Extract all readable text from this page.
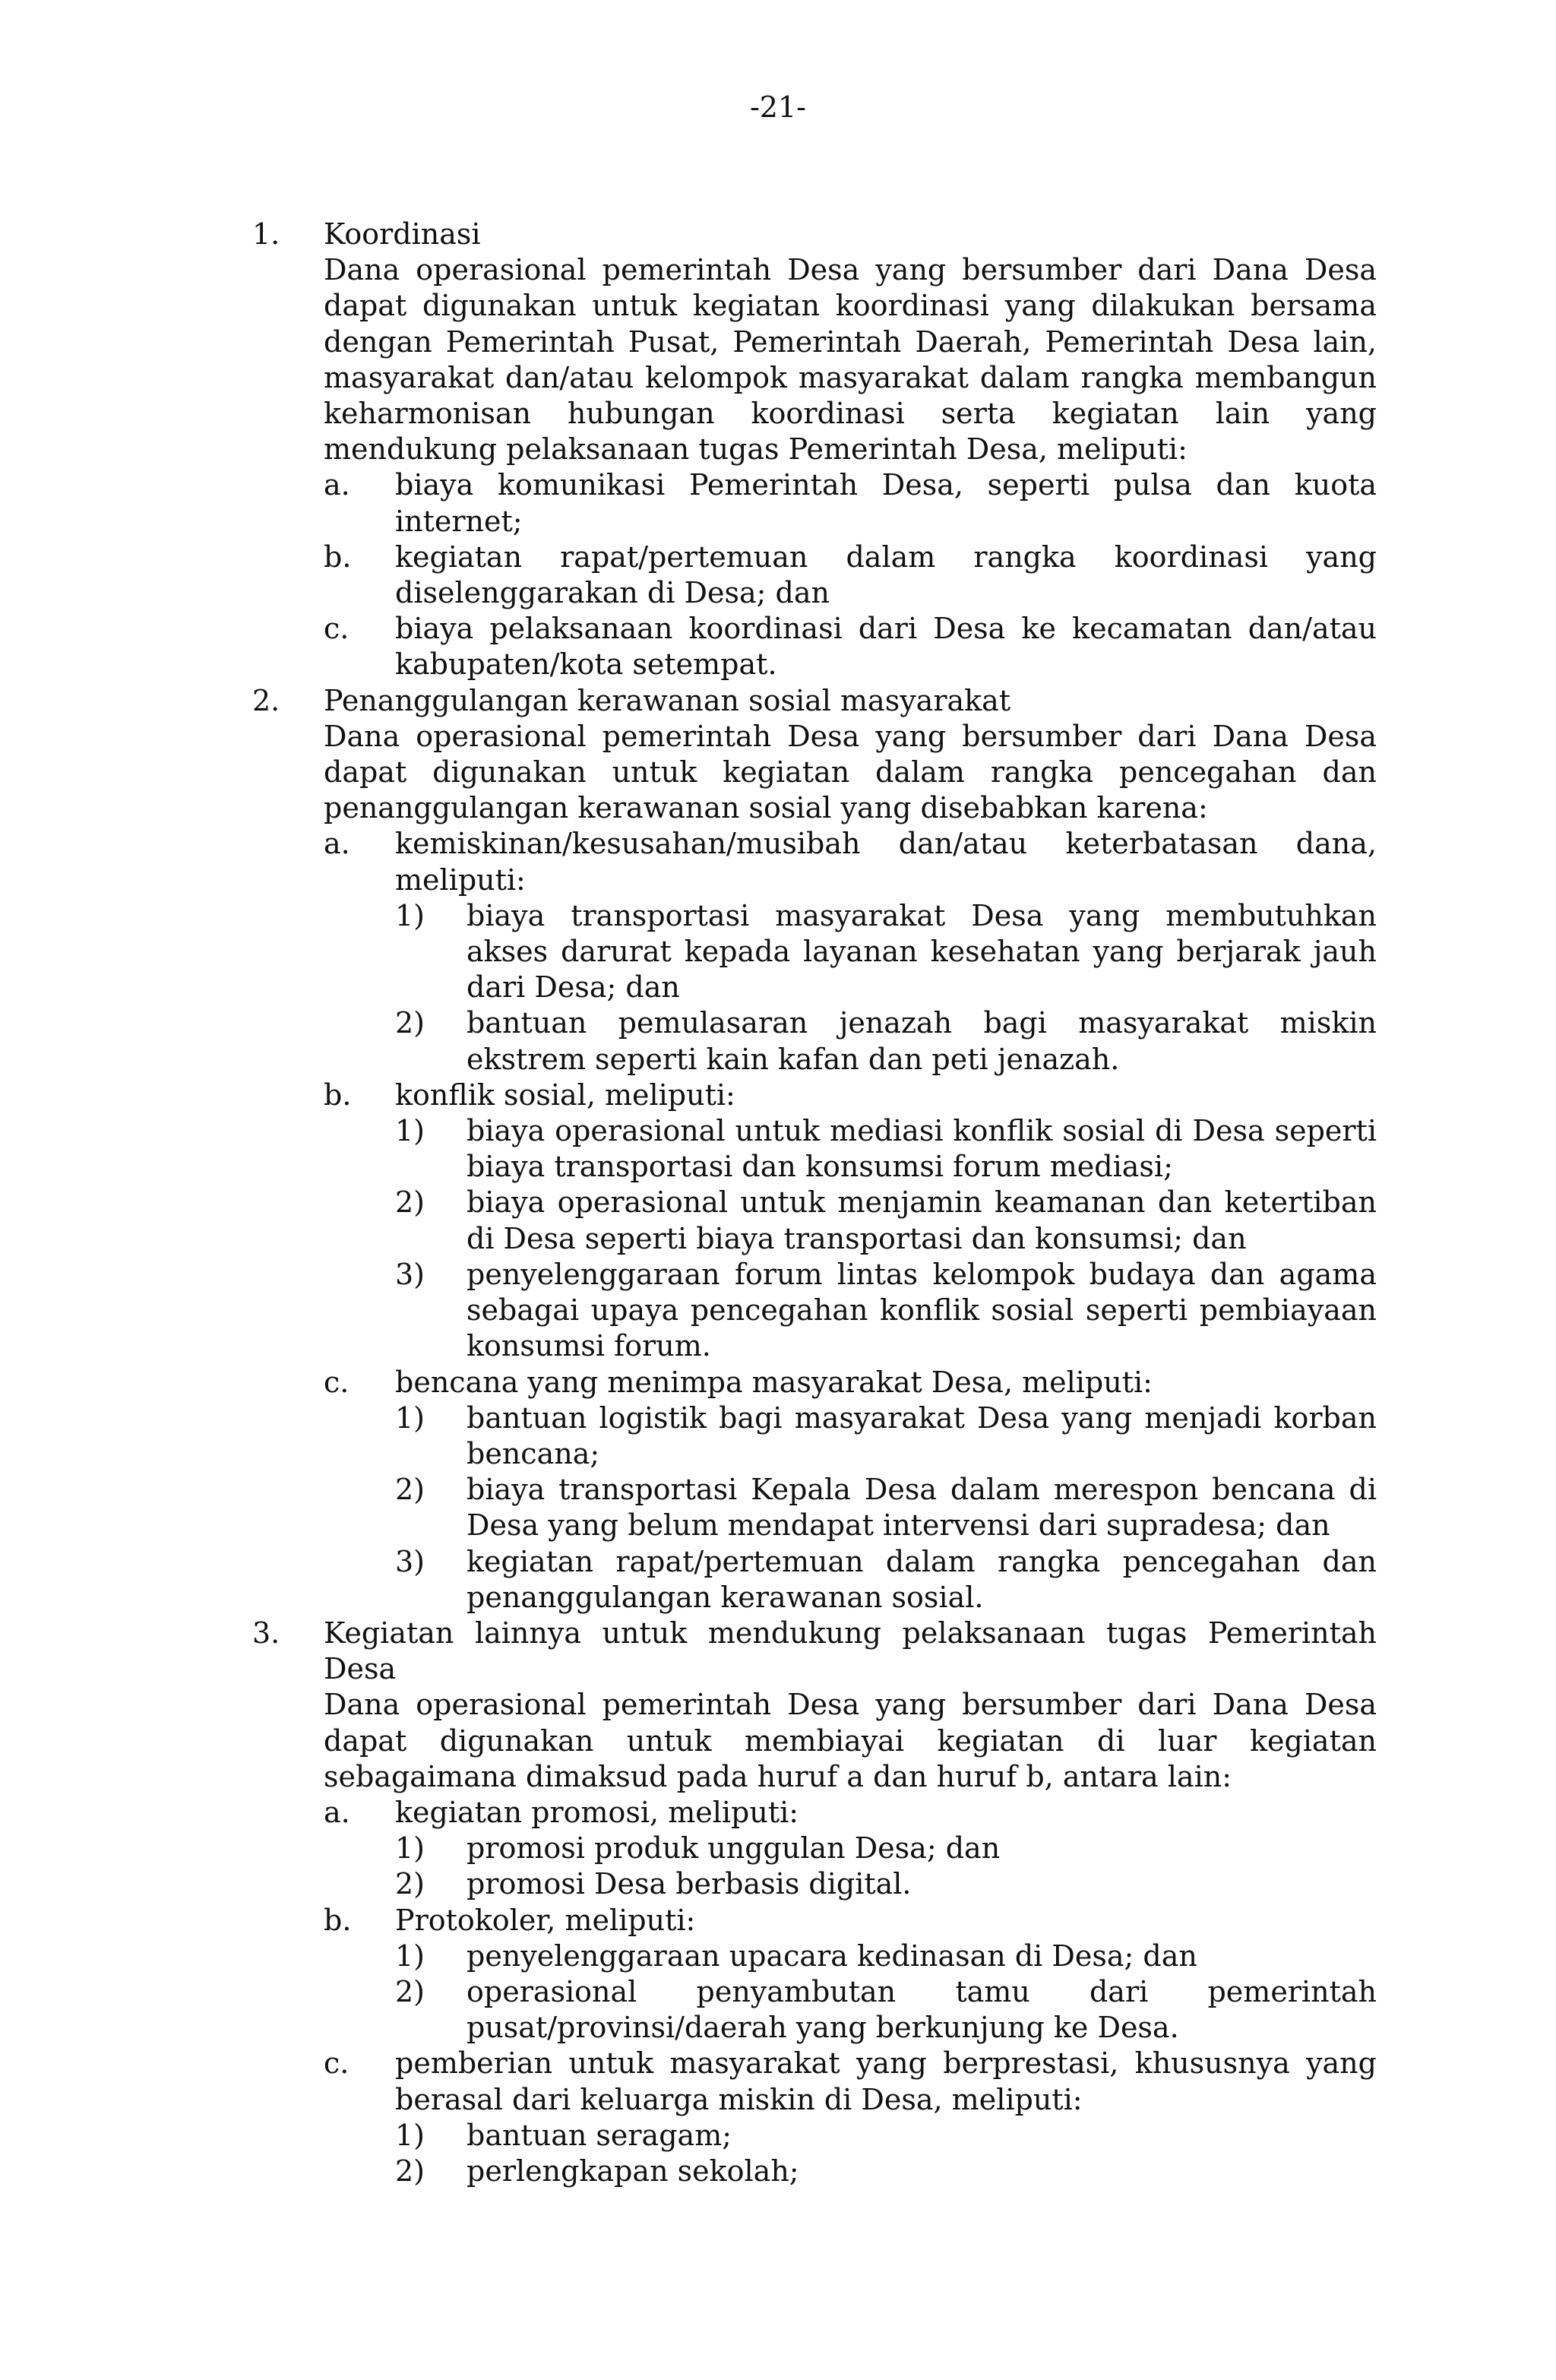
-21-
1.	Koordinasi
Dana operasional pemerintah Desa yang bersumber dari Dana Desa dapat digunakan untuk kegiatan koordinasi yang dilakukan bersama dengan Pemerintah Pusat, Pemerintah Daerah, Pemerintah Desa lain, masyarakat dan/atau kelompok masyarakat dalam rangka membangun keharmonisan hubungan koordinasi serta kegiatan lain yang mendukung pelaksanaan tugas Pemerintah Desa, meliputi:
a.	biaya komunikasi Pemerintah Desa, seperti pulsa dan kuota internet;
b.	kegiatan rapat/pertemuan dalam rangka koordinasi yang diselenggarakan di Desa; dan
c.	biaya pelaksanaan koordinasi dari Desa ke kecamatan dan/atau kabupaten/kota setempat.
2.	Penanggulangan kerawanan sosial masyarakat
Dana operasional pemerintah Desa yang bersumber dari Dana Desa dapat digunakan untuk kegiatan dalam rangka pencegahan dan penanggulangan kerawanan sosial yang disebabkan karena:
a.	kemiskinan/kesusahan/musibah dan/atau keterbatasan dana, meliputi:
1)	biaya transportasi masyarakat Desa yang membutuhkan akses darurat kepada layanan kesehatan yang berjarak jauh dari Desa; dan
2)	bantuan pemulasaran jenazah bagi masyarakat miskin ekstrem seperti kain kafan dan peti jenazah.
b.	konflik sosial, meliputi:
1)	biaya operasional untuk mediasi konflik sosial di Desa seperti biaya transportasi dan konsumsi forum mediasi;
2)	biaya operasional untuk menjamin keamanan dan ketertiban di Desa seperti biaya transportasi dan konsumsi; dan
3)	penyelenggaraan forum lintas kelompok budaya dan agama sebagai upaya pencegahan konflik sosial seperti pembiayaan konsumsi forum.
c.	bencana yang menimpa masyarakat Desa, meliputi:
1)	bantuan logistik bagi masyarakat Desa yang menjadi korban bencana;
2)	biaya transportasi Kepala Desa dalam merespon bencana di Desa yang belum mendapat intervensi dari supradesa; dan
3)	kegiatan rapat/pertemuan dalam rangka pencegahan dan penanggulangan kerawanan sosial.
3.	Kegiatan lainnya untuk mendukung pelaksanaan tugas Pemerintah Desa
Dana operasional pemerintah Desa yang bersumber dari Dana Desa dapat digunakan untuk membiayai kegiatan di luar kegiatan sebagaimana dimaksud pada huruf a dan huruf b, antara lain:
a.	kegiatan promosi, meliputi:
1)	promosi produk unggulan Desa; dan
2)	promosi Desa berbasis digital.
b.	Protokoler, meliputi:
1)	penyelenggaraan upacara kedinasan di Desa; dan
2)	operasional penyambutan tamu dari pemerintah pusat/provinsi/daerah yang berkunjung ke Desa.
c.	pemberian untuk masyarakat yang berprestasi, khususnya yang berasal dari keluarga miskin di Desa, meliputi:
1)	bantuan seragam;
2)	perlengkapan sekolah;
